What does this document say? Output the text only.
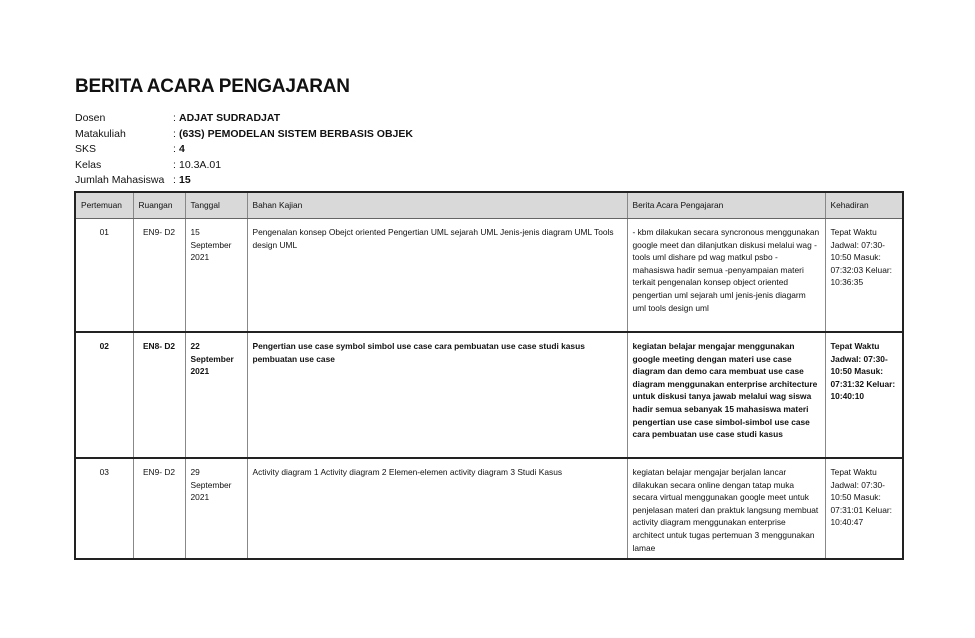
BERITA ACARA PENGAJARAN
Dosen	: ADJAT SUDRADJAT
Matakuliah	: (63S) PEMODELAN SISTEM BERBASIS OBJEK
SKS	: 4
Kelas	: 10.3A.01
Jumlah Mahasiswa : 15
Pertemuan	Ruangan	Tanggal	Bahan Kajian	Berita Acara Pengajaran	Kehadiran
01	EN9- D2	15 September 2021	Pengenalan konsep Obejct oriented Pengertian UML sejarah UML Jenis-jenis diagram UML Tools design UML	- kbm dilakukan secara syncronous menggunakan google meet dan dilanjutkan diskusi melalui wag - tools uml dishare pd wag matkul psbo - mahasiswa hadir semua -penyampaian materi terkait pengenalan konsep object oriented pengertian uml sejarah uml jenis-jenis diagarm uml tools design uml	Tepat Waktu Jadwal: 07:30-10:50 Masuk: 07:32:03 Keluar: 10:36:35
02	EN8- D2	22 September 2021	Pengertian use case symbol simbol use case cara pembuatan use case studi kasus pembuatan use case	kegiatan belajar mengajar menggunakan google meeting dengan materi use case diagram dan demo cara membuat use case diagram menggunakan enterprise architecture untuk diskusi tanya jawab melalui wag siswa hadir semua sebanyak 15 mahasiswa materi pengertian use case simbol-simbol use case cara pembuatan use case studi kasus	Tepat Waktu Jadwal: 07:30-10:50 Masuk: 07:31:32 Keluar: 10:40:10
03	EN9- D2	29 September 2021	Activity diagram 1 Activity diagram 2 Elemen-elemen activity diagram 3 Studi Kasus	kegiatan belajar mengajar berjalan lancar dilakukan secara online dengan tatap muka secara virtual menggunakan google meet untuk penjelasan materi dan praktuk langsung membuat activity diagram menggunakan enterprise architect untuk tugas pertemuan 3 menggunakan lamae	Tepat Waktu Jadwal: 07:30-10:50 Masuk: 07:31:01 Keluar: 10:40:47
